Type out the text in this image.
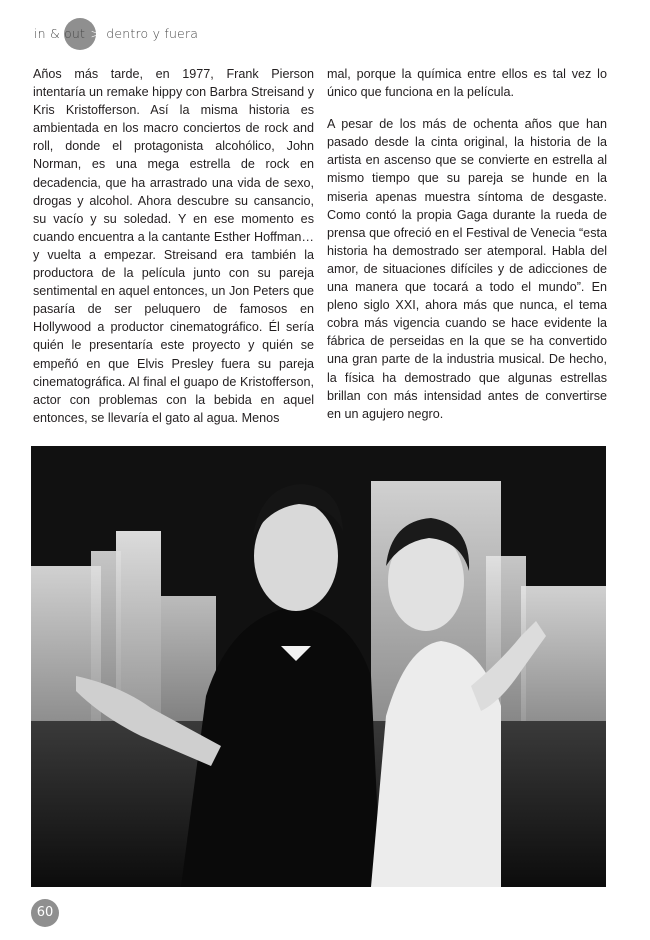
in & out > dentro y fuera

Años más tarde, en 1977, Frank Pierson intentaría un remake hippy con Barbra Streisand y Kris Kristofferson. Así la misma historia es ambientada en los macro conciertos de rock and roll, donde el protagonista alcohólico, John Norman, es una mega estrella de rock en decadencia, que ha arrastrado una vida de sexo, drogas y alcohol. Ahora descubre su cansancio, su vacío y su soledad. Y en ese momento es cuando encuentra a la cantante Esther Hoffman… y vuelta a empezar. Streisand era también la productora de la película junto con su pareja sentimental en aquel entonces, un Jon Peters que pasaría de ser peluquero de famosos en Hollywood a productor cinematográfico. Él sería quién le presentaría este proyecto y quién se empeñó en que Elvis Presley fuera su pareja cinematográfica. Al final el guapo de Kristofferson, actor con problemas con la bebida en aquel entonces, se llevaría el gato al agua. Menos

mal, porque la química entre ellos es tal vez lo único que funciona en la película.

A pesar de los más de ochenta años que han pasado desde la cinta original, la historia de la artista en ascenso que se convierte en estrella al mismo tiempo que su pareja se hunde en la miseria apenas muestra síntoma de desgaste. Como contó la propia Gaga durante la rueda de prensa que ofreció en el Festival de Venecia “esta historia ha demostrado ser atemporal. Habla del amor, de situaciones difíciles y de adicciones de una manera que tocará a todo el mundo”. En pleno siglo XXI, ahora más que nunca, el tema cobra más vigencia cuando se hace evidente la fábrica de perseidas en la que se ha convertido una gran parte de la industria musical. De hecho, la física ha demostrado que algunas estrellas brillan con más intensidad antes de convertirse en un agujero negro.

60
